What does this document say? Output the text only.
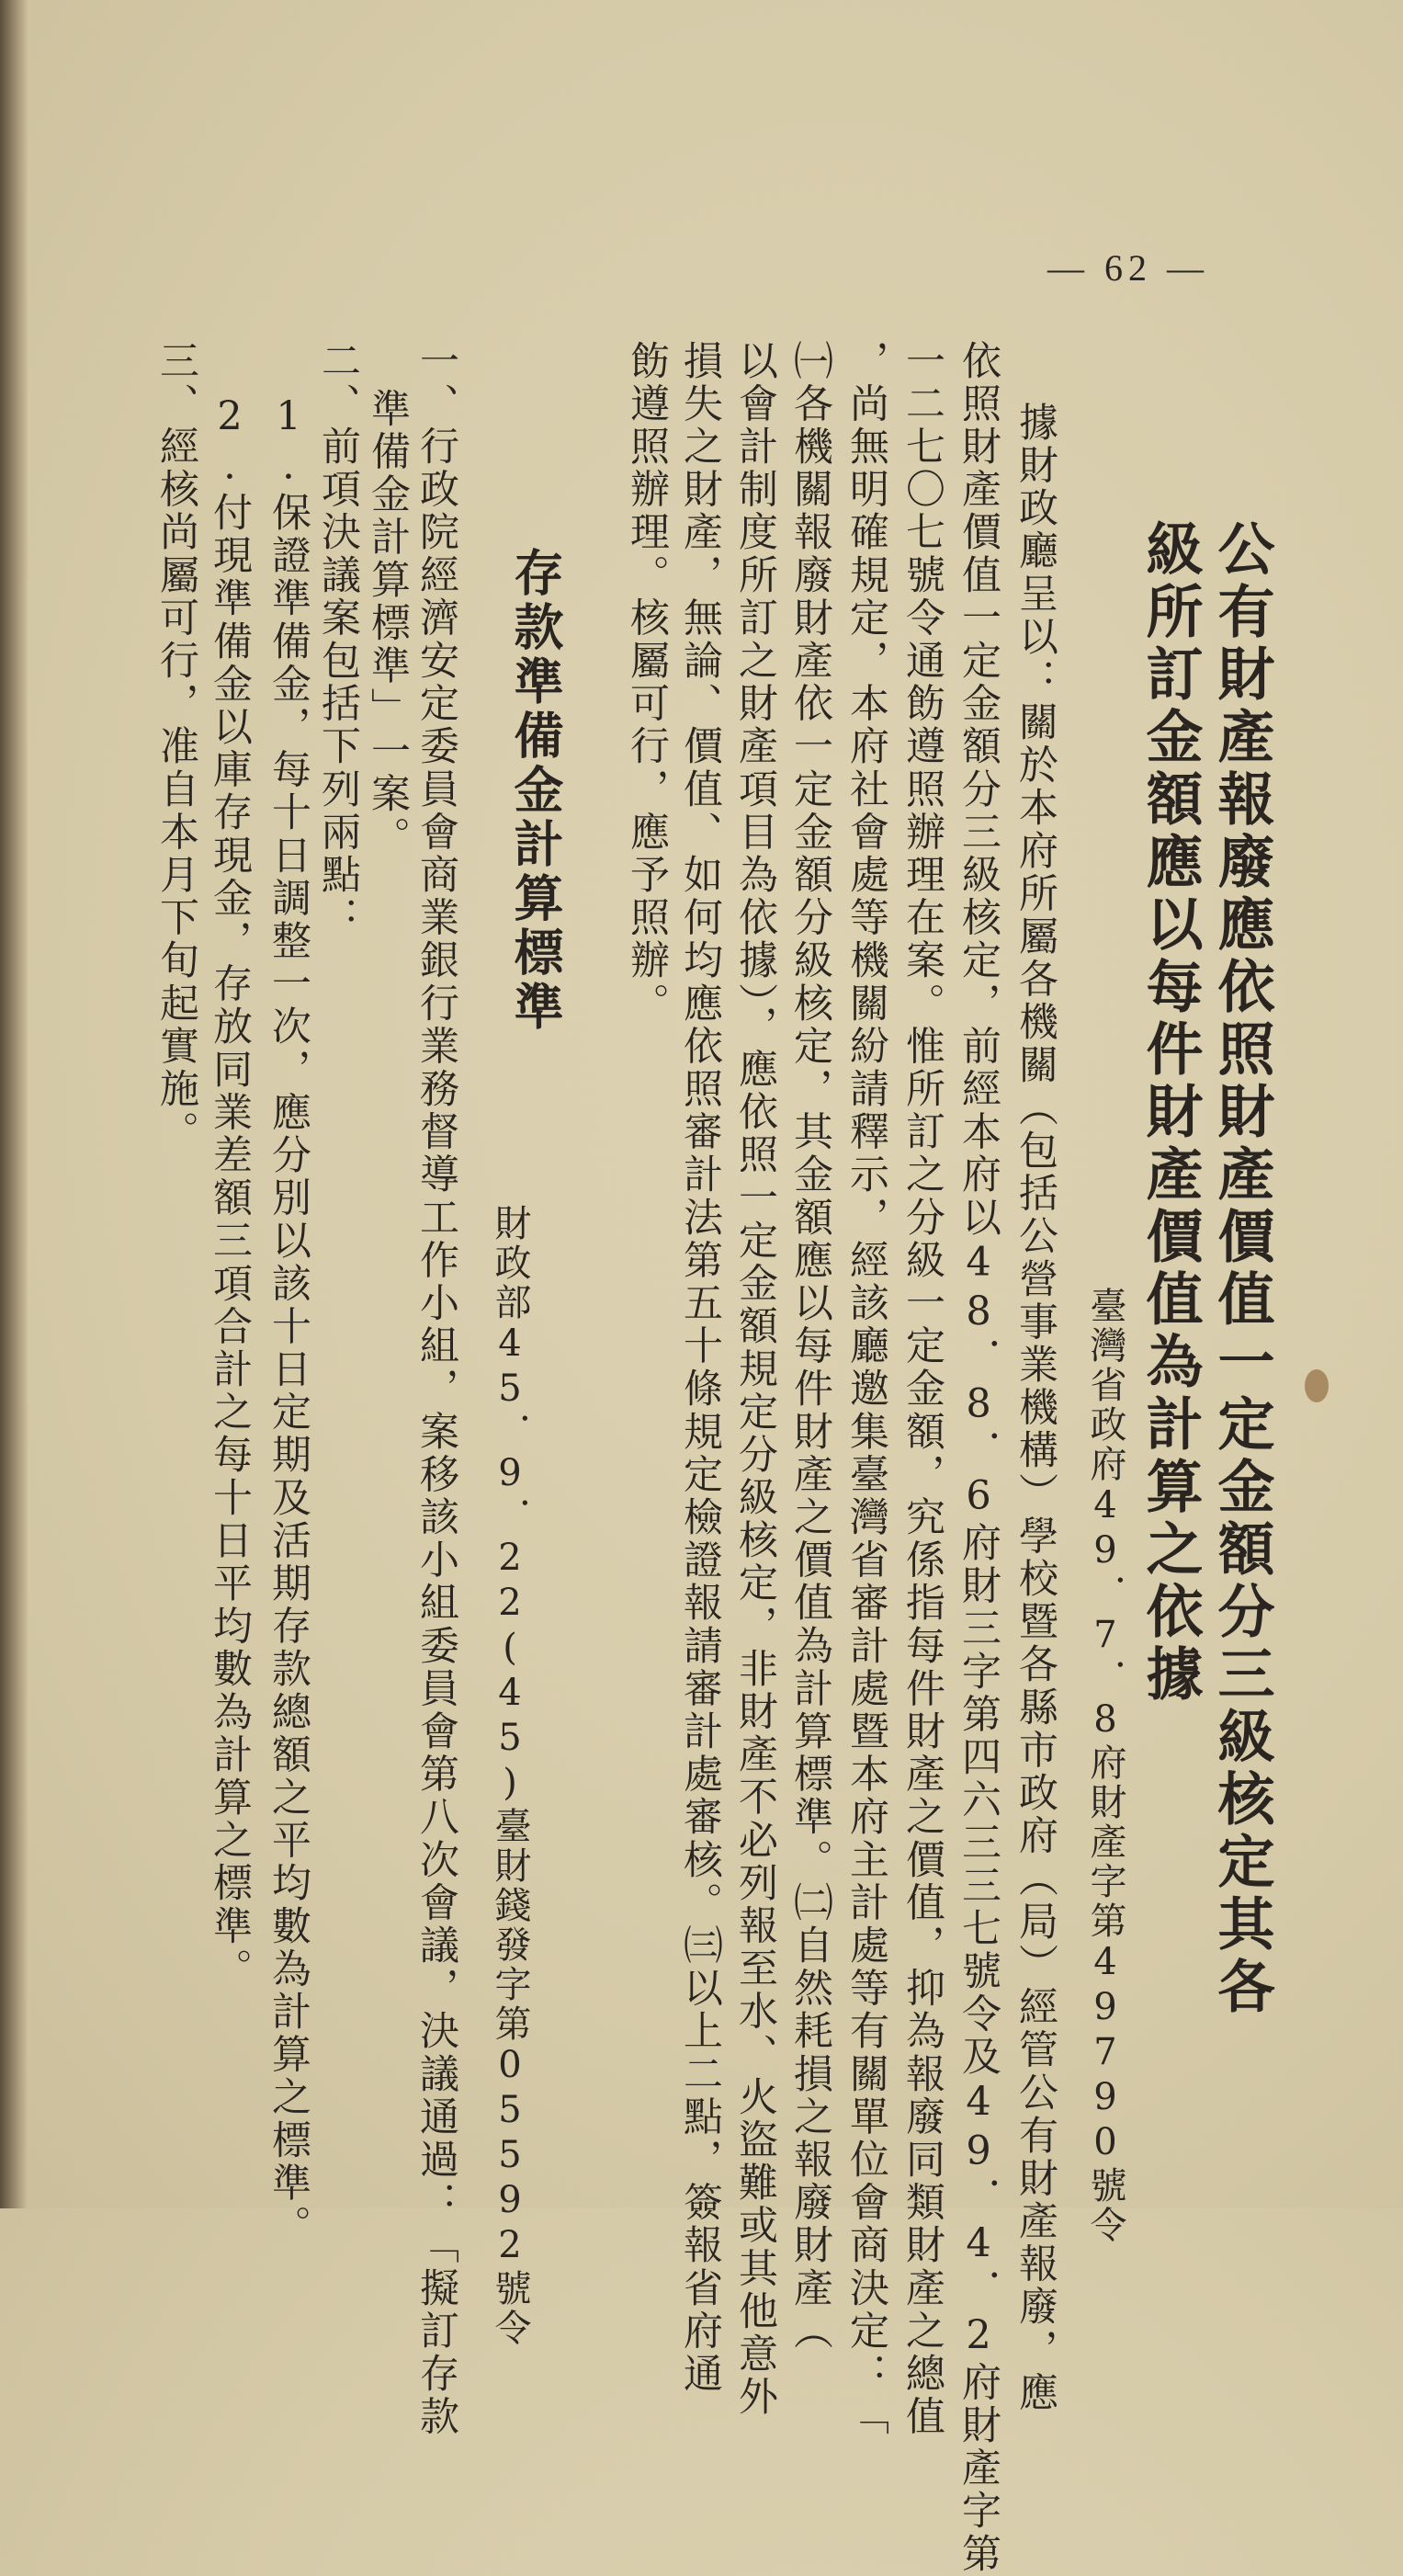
— 62 —
公有財產報廢應依照財產價值一定金額分三級核定其各
級所訂金額應以每件財產價值為計算之依據
臺灣省政府49．7．8府財產字第49790號令
據財政廳呈以：關於本府所屬各機關（包括公營事業機構）學校暨各縣市政府（局）經管公有財產報廢，應
依照財產價值一定金額分三級核定，前經本府以48．8．6府財三字第四六三三七號令及49．4．2府財產字第
一二七〇七號令通飭遵照辦理在案。惟所訂之分級一定金額，究係指每件財產之價值，抑為報廢同類財產之總值
，尚無明確規定，本府社會處等機關紛請釋示，經該廳邀集臺灣省審計處暨本府主計處等有關單位會商決定：「
㈠各機關報廢財產依一定金額分級核定，其金額應以每件財產之價值為計算標準。㈡自然耗損之報廢財產（
以會計制度所訂之財產項目為依據），應依照一定金額規定分級核定，非財產不必列報至水、火盜難或其他意外
損失之財產，無論、價值、如何均應依照審計法第五十條規定檢證報請審計處審核。㈢以上二點，簽報省府通
飭遵照辦理。核屬可行，應予照辦。
存款準備金計算標準
財政部45．9．22(45)臺財錢發字第05592號令
一、行政院經濟安定委員會商業銀行業務督導工作小組，案移該小組委員會第八次會議，決議通過：「擬訂存款
準備金計算標準」一案。
二、前項決議案包括下列兩點：
1.保證準備金，每十日調整一次，應分別以該十日定期及活期存款總額之平均數為計算之標準。
2.付現準備金以庫存現金，存放同業差額三項合計之每十日平均數為計算之標準。
三、經核尚屬可行，准自本月下旬起實施。
